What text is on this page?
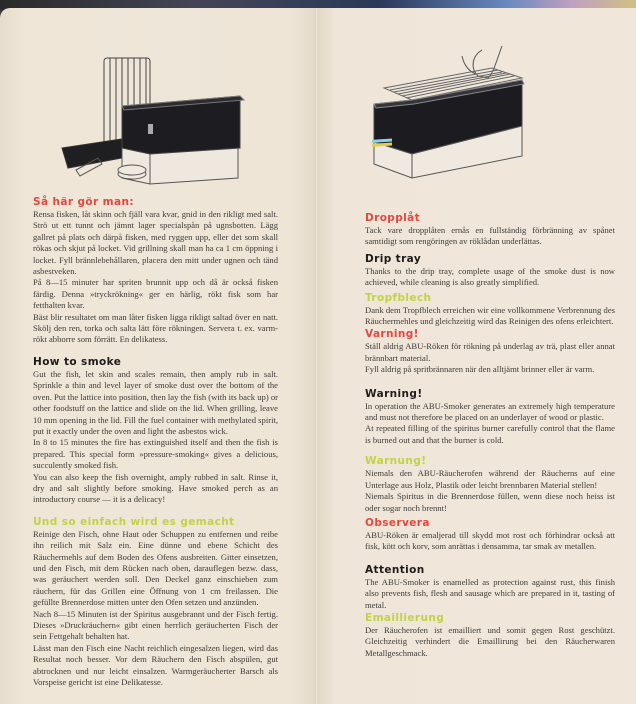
Så här gör man:

Rensa fisken, låt skinn och fjäll vara kvar, gnid in den rikligt med salt. Strö ut ett tunnt och jämnt lager specialspån på ugnsbotten. Lägg gallret på plats och därpå fisken, med ryggen upp, eller det som skall rökas och skjut på locket. Vid grillning skall man ha ca 1 cm öppning i locket. Fyll brännlebehållaren, placera den mitt under ugnen och tänd asbestveken.

På 8—15 minuter har spriten brunnit upp och då är också fisken färdig. Denna »tryckrökning« ger en härlig, rökt fisk som har fetthalten kvar.

Bäst blir resultatet om man låter fisken ligga rikligt saltad över en natt. Skölj den ren, torka och salta lätt före rökningen. Servera t. ex. varm-rökt abborre som förrätt. En delikatess.

How to smoke

Gut the fish, let skin and scales remain, then amply rub in salt. Sprinkle a thin and level layer of smoke dust over the bottom of the oven. Put the lattice into position, then lay the fish (with its back up) or other foodstuff on the lattice and slide on the lid. When grilling, leave 10 mm opening in the lid. Fill the fuel container with methylated spirit, put it exactly under the oven and light the asbestos wick.

In 8 to 15 minutes the fire has extinguished itself and then the fish is prepared. This special form »pressure-smoking« gives a delicious, succulently smoked fish.

You can also keep the fish overnight, amply rubbed in salt. Rinse it, dry and salt slightly before smoking. Have smoked perch as an introductory course — it is a delicacy!

Und so einfach wird es gemacht

Reinige den Fisch, ohne Haut oder Schuppen zu entfernen und reibe ihn reilich mit Salz ein. Eine dünne und ebene Schicht des Räuchermehls auf dem Boden des Ofens ausbreiten. Gitter einsetzen, und den Fisch, mit dem Rücken nach oben, darauflegen bezw. dass, was geräuchert werden soll. Den Deckel ganz einschieben zum räuchern, für das Grillen eine Öffnung von 1 cm freilassen. Die gefüllte Brennerdose mitten unter den Ofen setzen und anzünden.

Nach 8—15 Minuten ist der Spiritus ausgebrannt und der Fisch fertig. Dieses »Druckräuchern« gibt einen herrlich geräucherten Fisch der sein Fettgehalt behalten hat.

Lässt man den Fisch eine Nacht reichlich eingesalzen liegen, wird das Resultat noch besser. Vor dem Räuchern den Fisch abspülen, gut abtrocknen und nur leicht einsalzen. Warmgeräucherter Barsch als Vorspeise gericht ist eine Delikatesse.

Dropplåt

Tack vare dropplåten ernås en fullständig förbränning av spånet samtidigt som rengöringen av röklådan underlättas.

Drip tray

Thanks to the drip tray, complete usage of the smoke dust is now achieved, while cleaning is also greatly simplified.

Tropfblech

Dank dem Tropfblech erreichen wir eine vollkommene Verbrennung des Räuchermehles und gleichzeitig wird das Reinigen des ofens erleichtert.

Varning!

Ställ aldrig ABU-Röken för rökning på underlag av trä, plast eller annat brännbart material.

Fyll aldrig på spritbrännaren när den alltjämt brinner eller är varm.

Warning!

In operation the ABU-Smoker generates an extremely high temperature and must not therefore be placed on an underlayer of wood or plastic.

At repeated filling of the spiritus burner carefully control that the flame is burned out and that the burner is cold.

Warnung!

Niemals den ABU-Räucherofen während der Räucherns auf eine Unterlage aus Holz, Plastik oder leicht brennbaren Material stellen!

Niemals Spiritus in die Brennerdose füllen, wenn diese noch heiss ist oder sogar noch brennt!

Observera

ABU-Röken är emaljerad till skydd mot rost och förhindrar också att fisk, kött och korv, som anrättas i densamma, tar smak av metallen.

Attention

The ABU-Smoker is enamelled as protection against rust, this finish also prevents fish, flesh and sausage which are prepared in it, tasting of metal.

Emaillierung

Der Räucherofen ist emailliert und somit gegen Rost geschützt. Gleichzeitig verhindert die Emaillirung bei den Räucherwaren Metallgeschmack.
